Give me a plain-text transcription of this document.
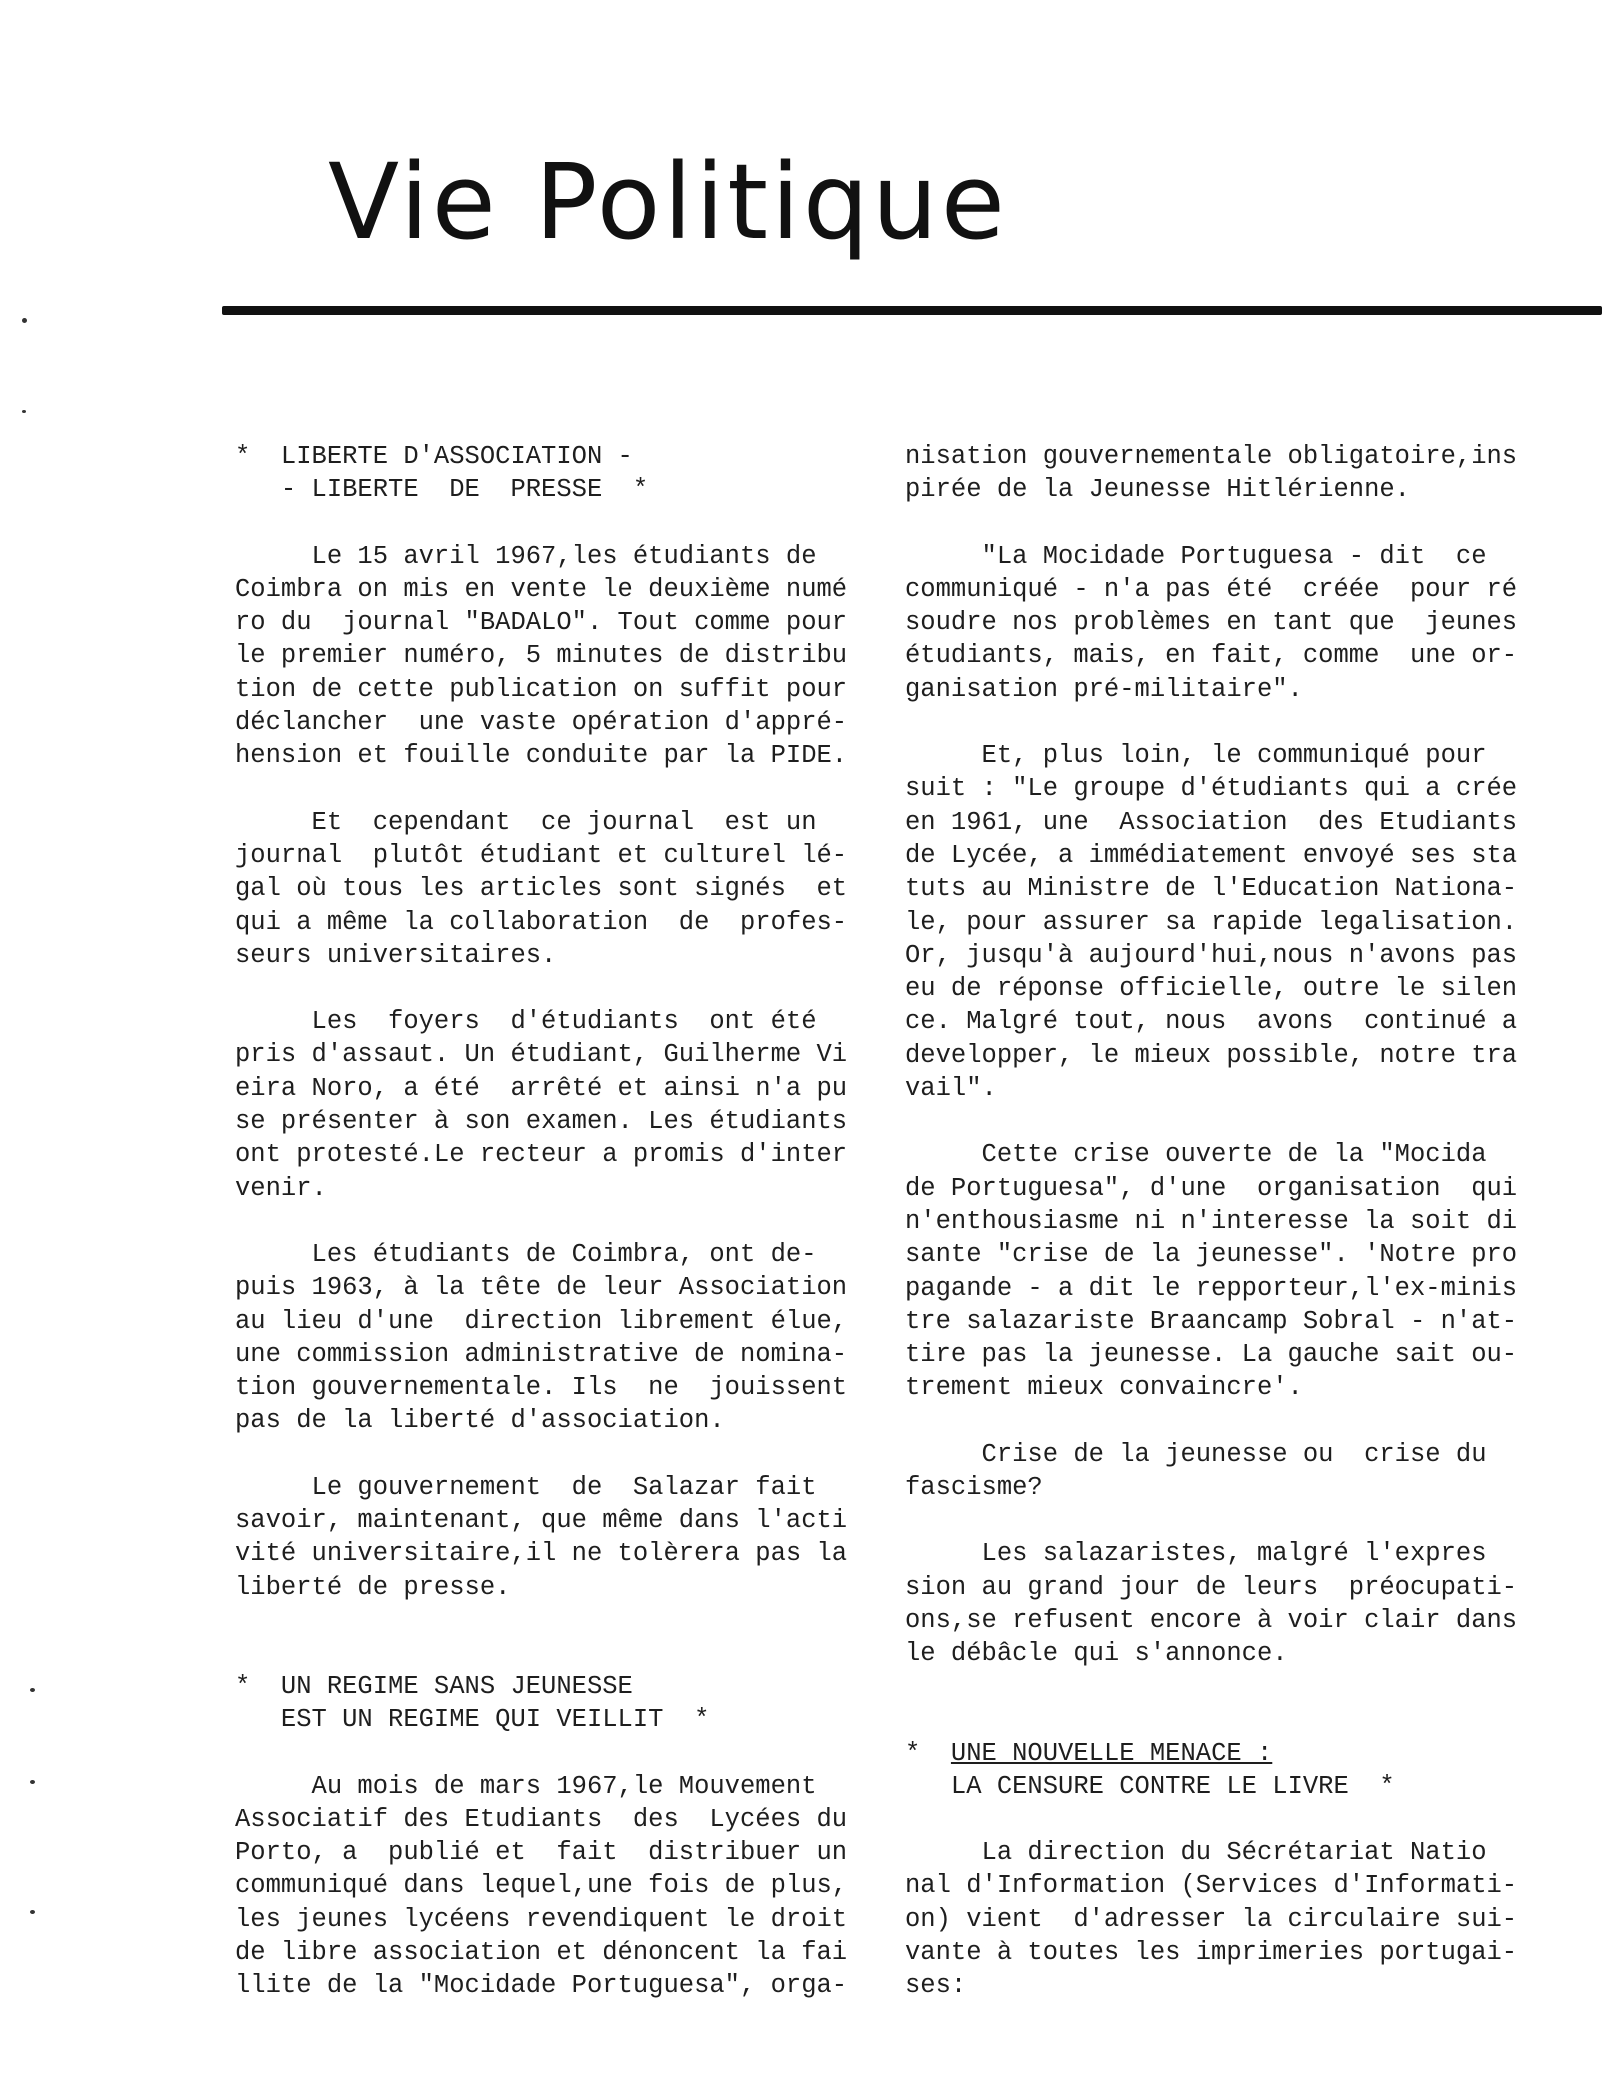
Vie Politique

*  LIBERTE D'ASSOCIATION -

- LIBERTE  DE  PRESSE  *

Le 15 avril 1967,les étudiants de

Coimbra on mis en vente le deuxième numé

ro du  journal "BADALO". Tout comme pour

le premier numéro, 5 minutes de distribu

tion de cette publication on suffit pour

déclancher  une vaste opération d'appré-

hension et fouille conduite par la PIDE.

Et  cependant  ce journal  est un

journal  plutôt étudiant et culturel lé-

gal où tous les articles sont signés  et

qui a même la collaboration  de  profes-

seurs universitaires.

Les  foyers  d'étudiants  ont été

pris d'assaut. Un étudiant, Guilherme Vi

eira Noro, a été  arrêté et ainsi n'a pu

se présenter à son examen. Les étudiants

ont protesté.Le recteur a promis d'inter

venir.

Les étudiants de Coimbra, ont de-

puis 1963, à la tête de leur Association

au lieu d'une  direction librement élue,

une commission administrative de nomina-

tion gouvernementale. Ils  ne  jouissent

pas de la liberté d'association.

Le gouvernement  de  Salazar fait

savoir, maintenant, que même dans l'acti

vité universitaire,il ne tolèrera pas la

liberté de presse.

*  UN REGIME SANS JEUNESSE

EST UN REGIME QUI VEILLIT  *

Au mois de mars 1967,le Mouvement

Associatif des Etudiants  des  Lycées du

Porto, a  publié et  fait  distribuer un

communiqué dans lequel,une fois de plus,

les jeunes lycéens revendiquent le droit

de libre association et dénoncent la fai

llite de la "Mocidade Portuguesa", orga-

nisation gouvernementale obligatoire,ins

pirée de la Jeunesse Hitlérienne.

"La Mocidade Portuguesa - dit  ce

communiqué - n'a pas été  créée  pour ré

soudre nos problèmes en tant que  jeunes

étudiants, mais, en fait, comme  une or-

ganisation pré-militaire".

Et, plus loin, le communiqué pour

suit : "Le groupe d'étudiants qui a crée

en 1961, une  Association  des Etudiants

de Lycée, a immédiatement envoyé ses sta

tuts au Ministre de l'Education Nationa-

le, pour assurer sa rapide legalisation.

Or, jusqu'à aujourd'hui,nous n'avons pas

eu de réponse officielle, outre le silen

ce. Malgré tout, nous  avons  continué a

developper, le mieux possible, notre tra

vail".

Cette crise ouverte de la "Mocida

de Portuguesa", d'une  organisation  qui

n'enthousiasme ni n'interesse la soit di

sante "crise de la jeunesse". 'Notre pro

pagande - a dit le repporteur,l'ex-minis

tre salazariste Braancamp Sobral - n'at-

tire pas la jeunesse. La gauche sait ou-

trement mieux convaincre'.

Crise de la jeunesse ou  crise du

fascisme?

Les salazaristes, malgré l'expres

sion au grand jour de leurs  préocupati-

ons,se refusent encore à voir clair dans

le débâcle qui s'annonce.

*  UNE NOUVELLE MENACE :

LA CENSURE CONTRE LE LIVRE  *

La direction du Sécrétariat Natio

nal d'Information (Services d'Informati-

on) vient  d'adresser la circulaire sui-

vante à toutes les imprimeries portugai-

ses:
